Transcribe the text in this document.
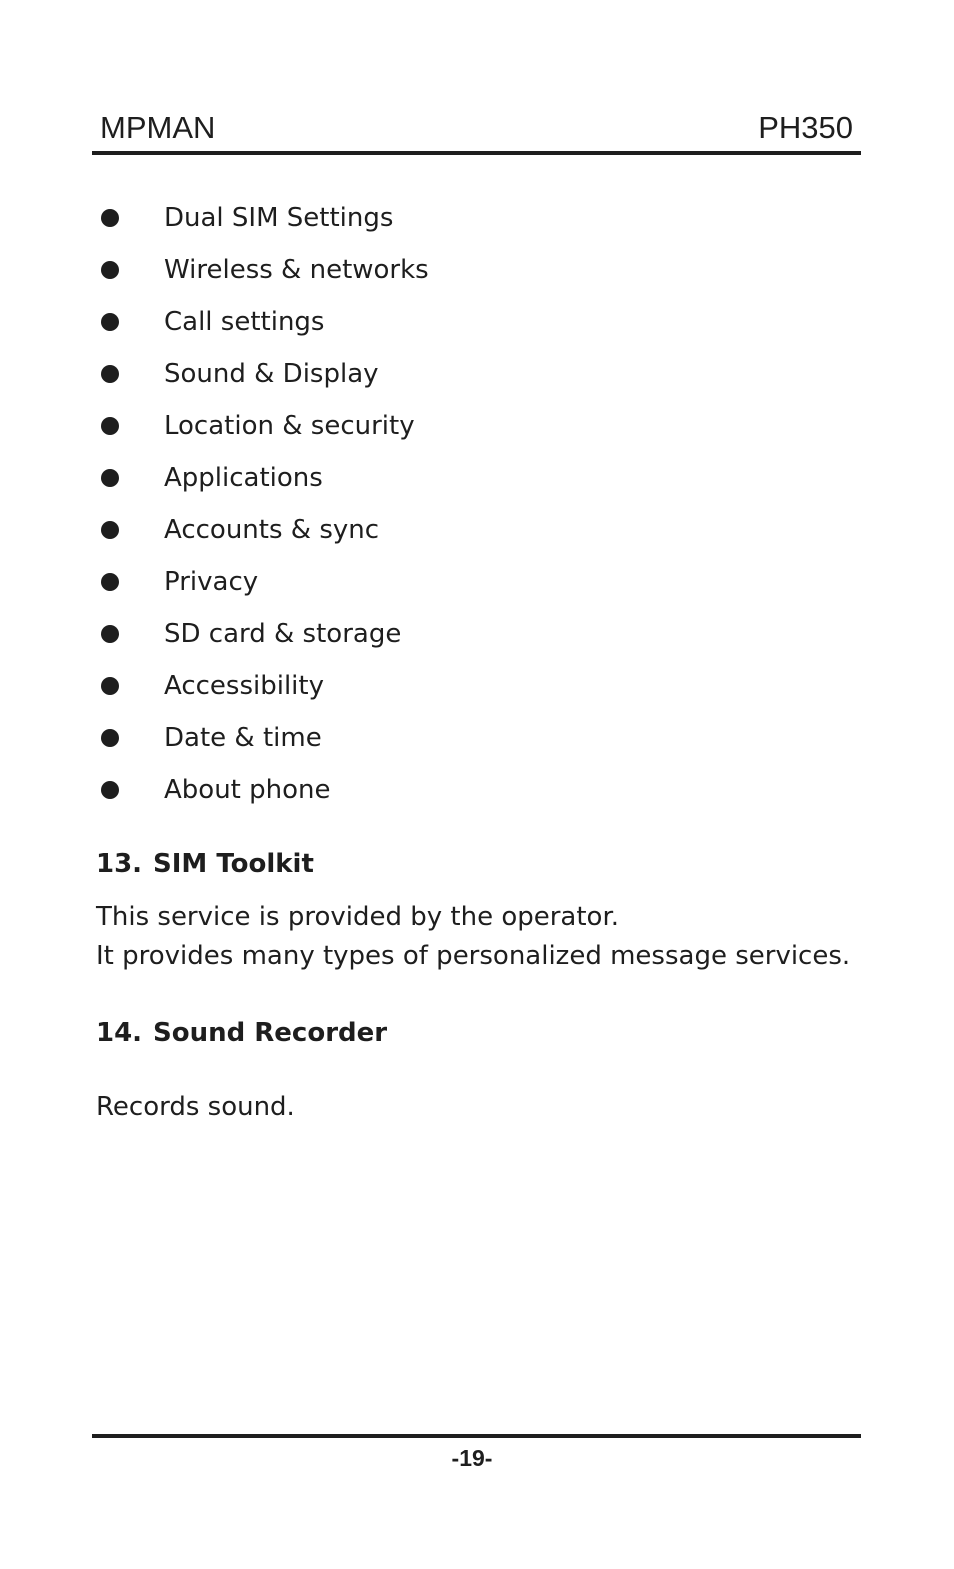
MPMAN	PH350
Dual SIM Settings
Wireless & networks
Call settings
Sound & Display
Location & security
Applications
Accounts & sync
Privacy
SD card & storage
Accessibility
Date & time
About phone
13. SIM Toolkit

This service is provided by the operator.

It provides many types of personalized message services.

14. Sound Recorder

Records sound.

-19-
